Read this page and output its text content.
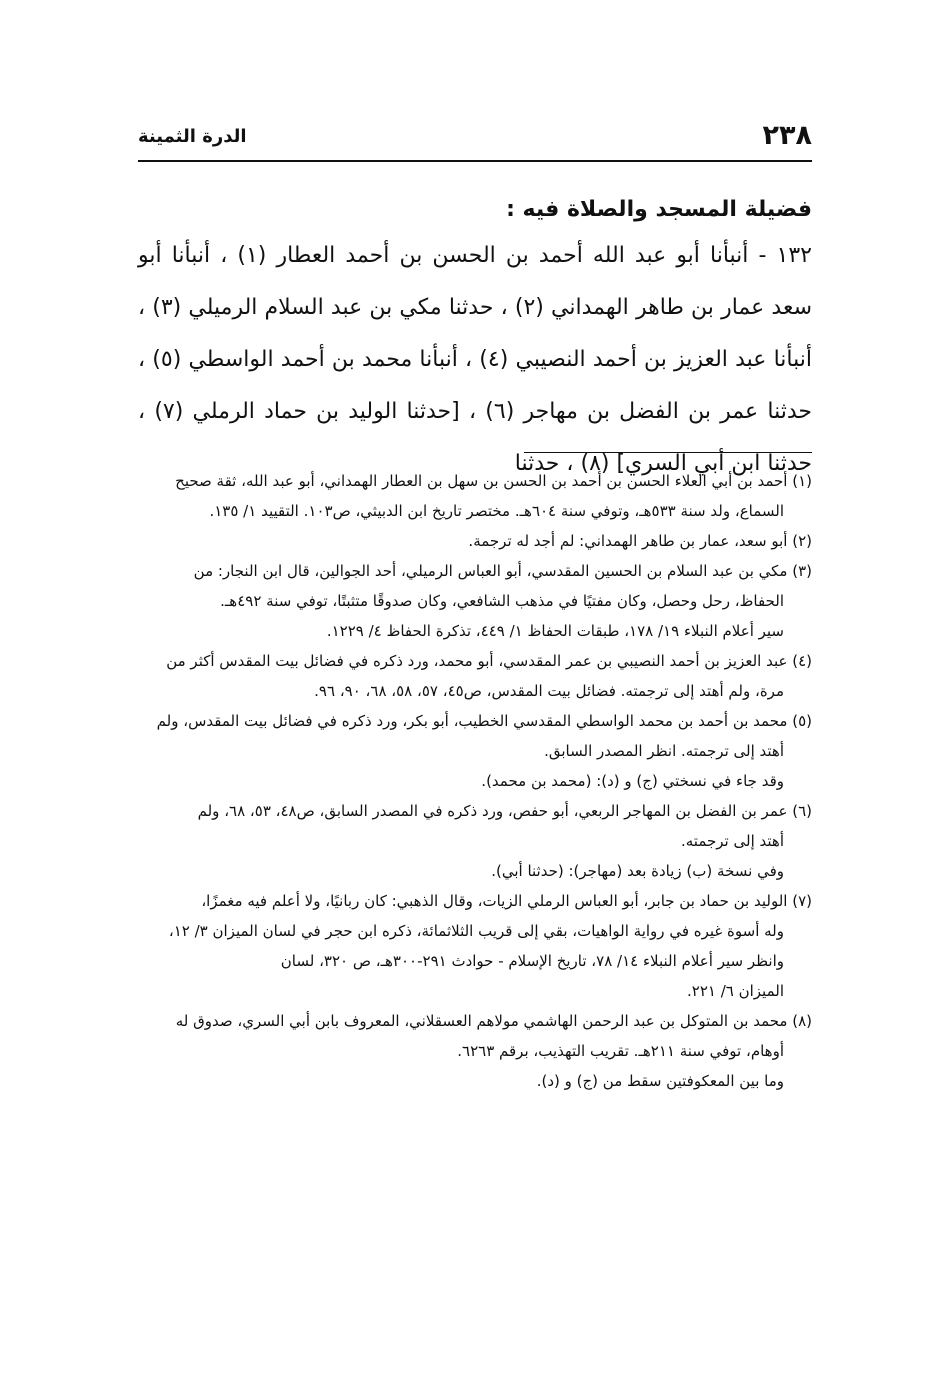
٢٣٨
الدرة الثمينة

فضيلة المسجد والصلاة فيه :

١٣٢ - أنبأنا أبو عبد الله أحمد بن الحسن بن أحمد العطار (١) ، أنبأنا أبو سعد عمار بن طاهر الهمداني (٢) ، حدثنا مكي بن عبد السلام الرميلي (٣) ، أنبأنا عبد العزيز بن أحمد النصيبي (٤) ، أنبأنا محمد بن أحمد الواسطي (٥) ، حدثنا عمر بن الفضل بن مهاجر (٦) ، [حدثنا الوليد بن حماد الرملي (٧) ، حدثنا ابن أبي السري] (٨) ، حدثنا

(١) أحمد بن أبي العلاء الحسن بن أحمد بن الحسن بن سهل بن العطار الهمداني، أبو عبد الله، ثقة صحيح
السماع، ولد سنة ٥٣٣هـ، وتوفي سنة ٦٠٤هـ. مختصر تاريخ ابن الدبيثي، ص١٠٣. التقييد ١/ ١٣٥.
(٢) أبو سعد، عمار بن طاهر الهمداني: لم أجد له ترجمة.
(٣) مكي بن عبد السلام بن الحسين المقدسي، أبو العباس الرميلي، أحد الجوالين، قال ابن النجار: من
الحفاظ، رحل وحصل، وكان مفتيًا في مذهب الشافعي، وكان صدوقًا متثبتًا، توفي سنة ٤٩٢هـ.
سير أعلام النبلاء ١٩/ ١٧٨، طبقات الحفاظ ١/ ٤٤٩، تذكرة الحفاظ ٤/ ١٢٢٩.
(٤) عبد العزيز بن أحمد النصيبي بن عمر المقدسي، أبو محمد، ورد ذكره في فضائل بيت المقدس أكثر من
مرة، ولم أهتد إلى ترجمته. فضائل بيت المقدس، ص٤٥، ٥٧، ٥٨، ٦٨، ٩٠، ٩٦.
(٥) محمد بن أحمد بن محمد الواسطي المقدسي الخطيب، أبو بكر، ورد ذكره في فضائل بيت المقدس، ولم
أهتد إلى ترجمته. انظر المصدر السابق.
وقد جاء في نسختي (ج) و (د): (محمد بن محمد).
(٦) عمر بن الفضل بن المهاجر الربعي، أبو حفص، ورد ذكره في المصدر السابق، ص٤٨، ٥٣، ٦٨، ولم
أهتد إلى ترجمته.
وفي نسخة (ب) زيادة بعد (مهاجر): (حدثنا أبي).
(٧) الوليد بن حماد بن جابر، أبو العباس الرملي الزيات، وقال الذهبي: كان ربانيًا، ولا أعلم فيه مغمزًا،
وله أسوة غيره في رواية الواهيات، بقي إلى قريب الثلاثمائة، ذكره ابن حجر في لسان الميزان ٣/ ١٢،
وانظر سير أعلام النبلاء ١٤/ ٧٨، تاريخ الإسلام - حوادث ٢٩١-٣٠٠هـ، ص ٣٢٠، لسان
الميزان ٦/ ٢٢١.
(٨) محمد بن المتوكل بن عبد الرحمن الهاشمي مولاهم العسقلاني، المعروف بابن أبي السري، صدوق له
أوهام، توفي سنة ٢١١هـ. تقريب التهذيب، برقم ٦٢٦٣.
وما بين المعكوفتين سقط من (ج) و (د).
